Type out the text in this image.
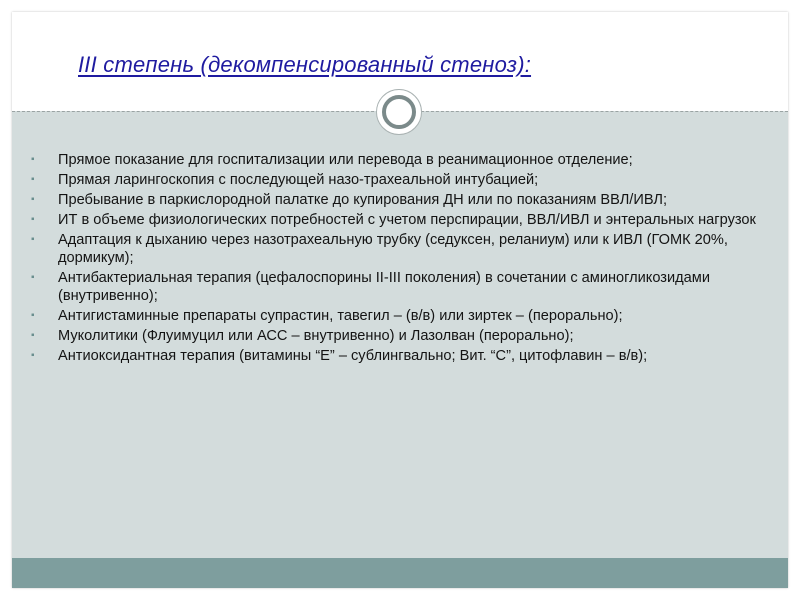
III степень (декомпенсированный стеноз):
▪ Прямое показание для госпитализации или перевода в реанимационное отделение;
▪ Прямая ларингоскопия с последующей назо-трахеальной интубацией;
▪ Пребывание в паркислородной палатке до купирования ДН или по показаниям ВВЛ/ИВЛ;
▪ ИТ в объеме физиологических потребностей с учетом перспирации, ВВЛ/ИВЛ и энтеральных нагрузок
▪ Адаптация к дыханию через назотрахеальную трубку (седуксен, реланиум) или к ИВЛ (ГОМК 20%, дормикум);
▪ Антибактериальная терапия (цефалоспорины II-III поколения) в сочетании с аминогликозидами (внутривенно);
▪ Антигистаминные препараты супрастин, тавегил – (в/в) или зиртек – (перорально);
▪ Муколитики (Флуимуцил или АСС – внутривенно) и Лазолван (перорально);
▪ Антиоксидантная терапия (витамины “Е” – сублингвально; Вит. “С”, цитофлавин – в/в);
